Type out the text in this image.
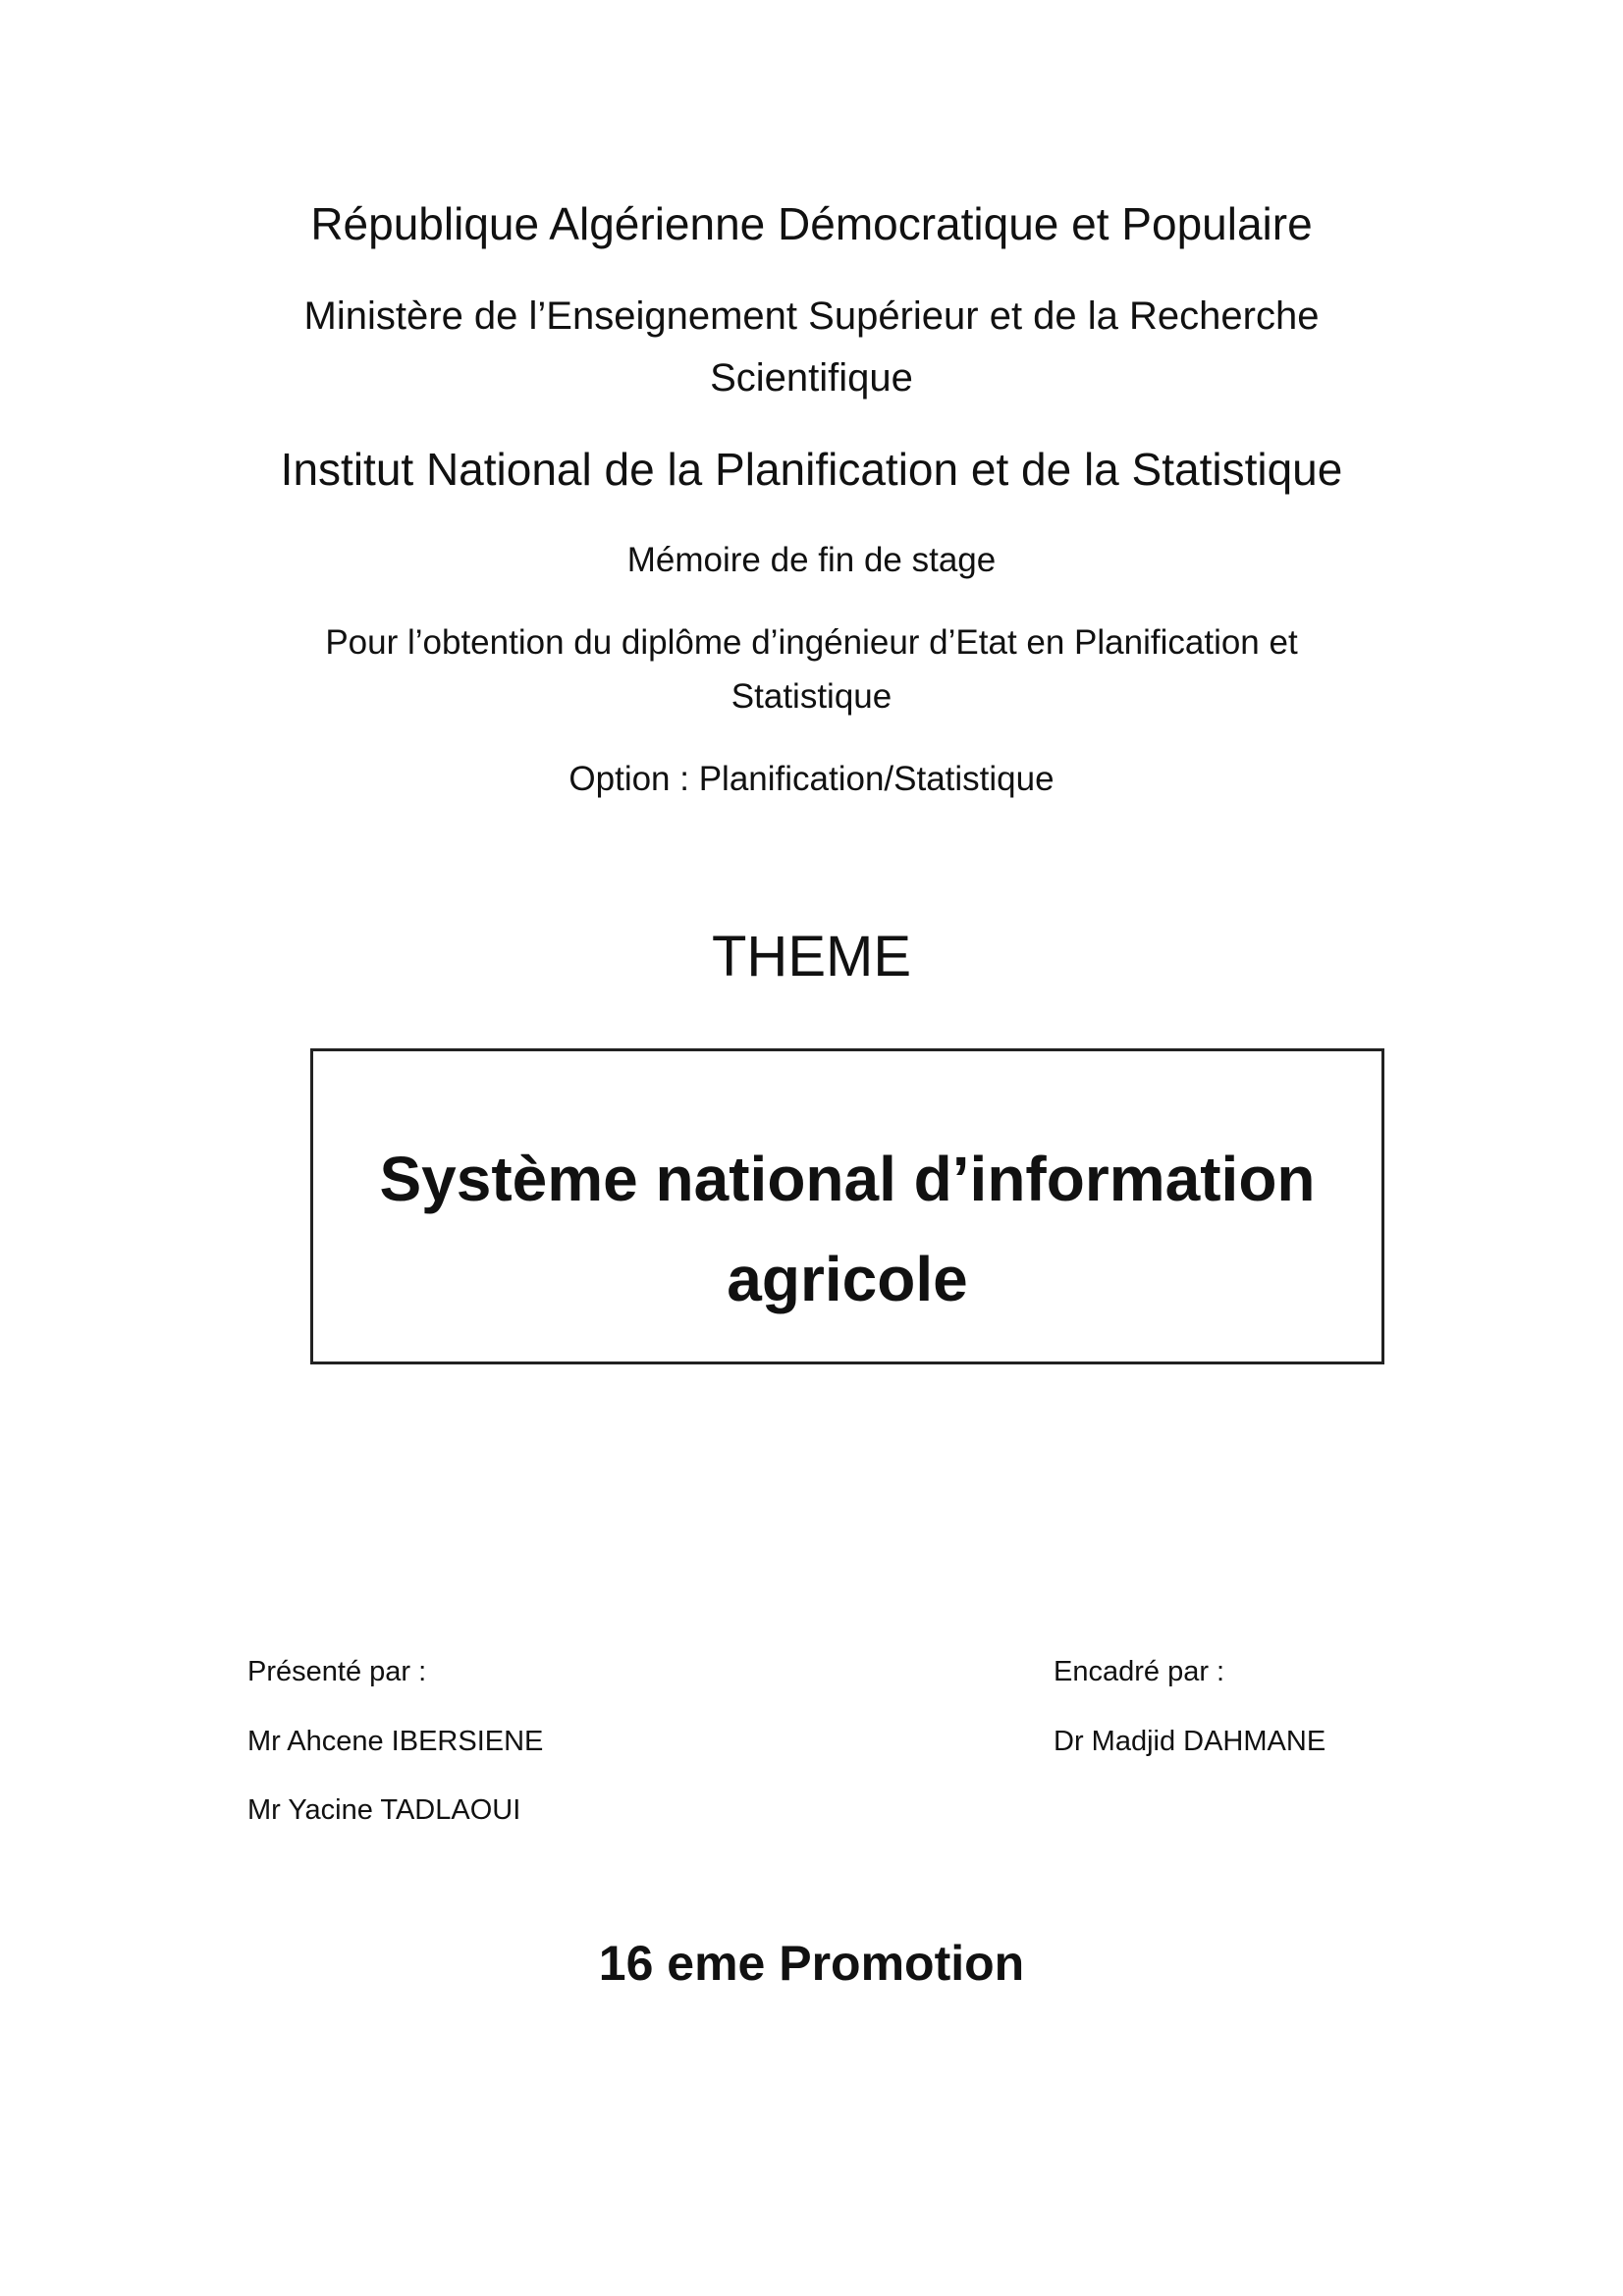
République Algérienne Démocratique et Populaire
Ministère de l’Enseignement Supérieur et de la Recherche
Scientifique
Institut National de la Planification et de la Statistique
Mémoire de fin de stage
Pour l’obtention du diplôme d’ingénieur d’Etat en Planification et
Statistique
Option : Planification/Statistique
THEME
Système national d’information
agricole
Présenté par :
Mr Ahcene IBERSIENE
Mr Yacine TADLAOUI
Encadré par :
Dr Madjid DAHMANE
16 eme Promotion
